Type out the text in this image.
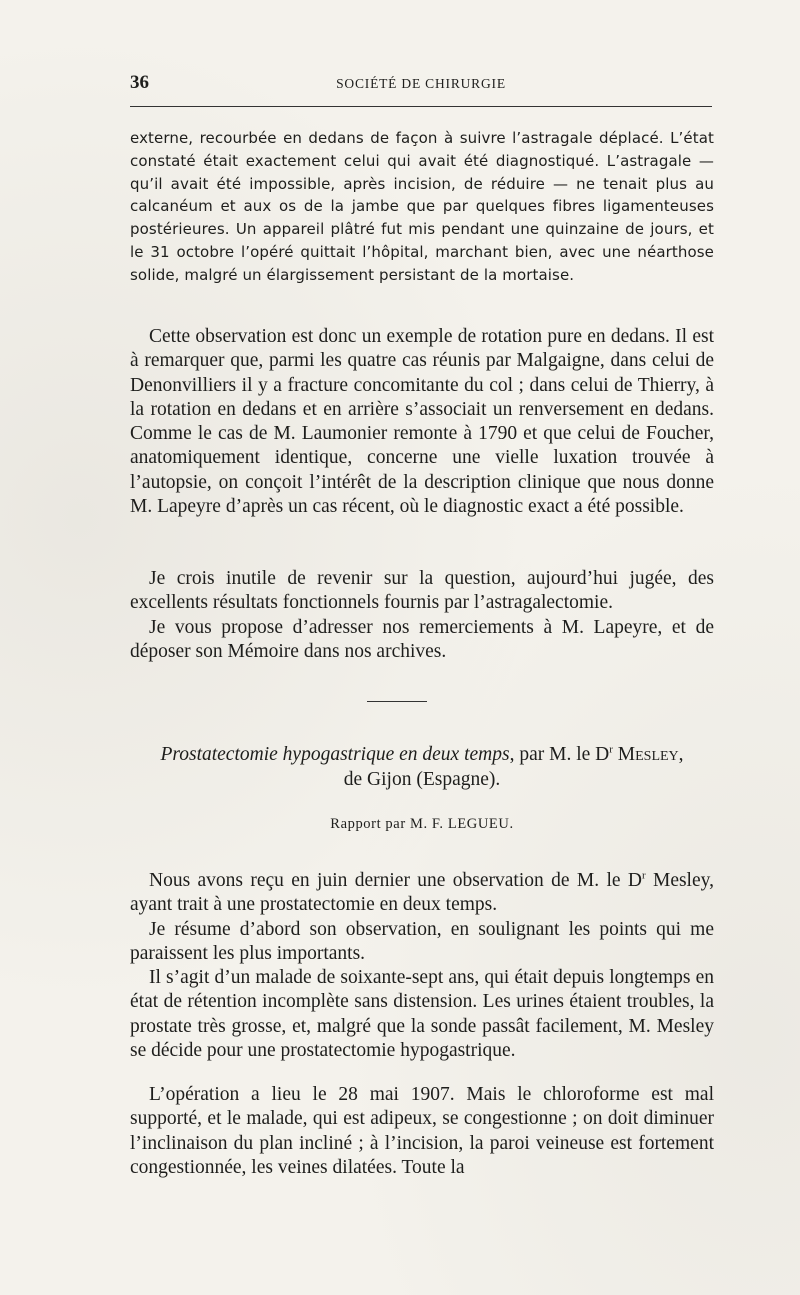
36	SOCIÉTÉ DE CHIRURGIE

externe, recourbée en dedans de façon à suivre l’astragale déplacé. L’état constaté était exactement celui qui avait été diagnostiqué. L’astragale — qu’il avait été impossible, après incision, de réduire — ne tenait plus au calcanéum et aux os de la jambe que par quelques fibres ligamenteuses postérieures. Un appareil plâtré fut mis pendant une quinzaine de jours, et le 31 octobre l’opéré quittait l’hôpital, marchant bien, avec une néarthose solide, malgré un élargissement persistant de la mortaise.

Cette observation est donc un exemple de rotation pure en dedans. Il est à remarquer que, parmi les quatre cas réunis par Malgaigne, dans celui de Denonvilliers il y a fracture concomitante du col ; dans celui de Thierry, à la rotation en dedans et en arrière s’associait un renversement en dedans. Comme le cas de M. Laumonier remonte à 1790 et que celui de Foucher, anatomiquement identique, concerne une vielle luxation trouvée à l’autopsie, on conçoit l’intérêt de la description clinique que nous donne M. Lapeyre d’après un cas récent, où le diagnostic exact a été possible.

Je crois inutile de revenir sur la question, aujourd’hui jugée, des excellents résultats fonctionnels fournis par l’astragalectomie.

Je vous propose d’adresser nos remerciements à M. Lapeyre, et de déposer son Mémoire dans nos archives.

Prostatectomie hypogastrique en deux temps, par M. le $D^r$ Mesley,
de Gijon (Espagne).
Rapport par M. F. LEGUEU.

Nous avons reçu en juin dernier une observation de M. le $D^r$ Mesley, ayant trait à une prostatectomie en deux temps.

Je résume d’abord son observation, en soulignant les points qui me paraissent les plus importants.

Il s’agit d’un malade de soixante-sept ans, qui était depuis longtemps en état de rétention incomplète sans distension. Les urines étaient troubles, la prostate très grosse, et, malgré que la sonde passât facilement, M. Mesley se décide pour une prostatectomie hypogastrique.

L’opération a lieu le 28 mai 1907. Mais le chloroforme est mal supporté, et le malade, qui est adipeux, se congestionne ; on doit diminuer l’inclinaison du plan incliné ; à l’incision, la paroi veineuse est fortement congestionnée, les veines dilatées. Toute la
